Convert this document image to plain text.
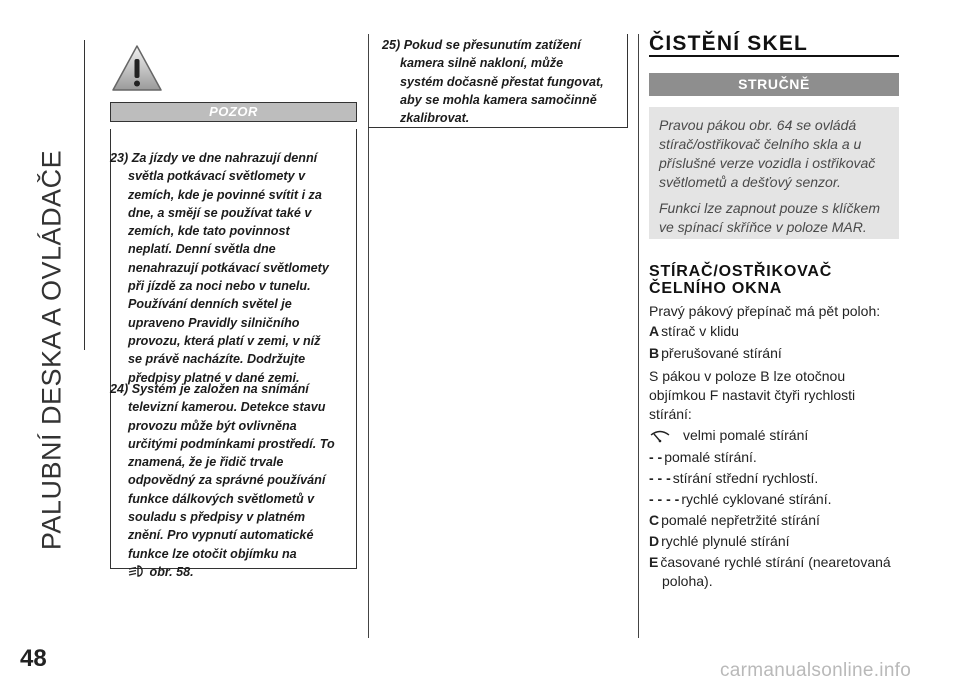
PALUBNÍ DESKA A OVLÁDAČE
POZOR
23) Za jízdy ve dne nahrazují denní
světla potkávací světlomety v
zemích, kde je povinné svítit i za
dne, a smějí se používat také v
zemích, kde tato povinnost
neplatí. Denní světla dne
nenahrazují potkávací světlomety
při jízdě za noci nebo v tunelu.
Používání denních světel je
upraveno Pravidly silničního
provozu, která platí v zemi, v níž
se právě nacházíte. Dodržujte
předpisy platné v dané zemi.
24) Systém je založen na snímání
televizní kamerou. Detekce stavu
provozu může být ovlivněna
určitými podmínkami prostředí. To
znamená, že je řidič trvale
odpovědný za správné používání
funkce dálkových světlometů v
souladu s předpisy v platném
znění. Pro vypnutí automatické
funkce lze otočit objímku na
obr. 58.
25) Pokud se přesunutím zatížení
kamera silně nakloní, může
systém dočasně přestat fungovat,
aby se mohla kamera samočinně
zkalibrovat.
ČISTĚNÍ SKEL
STRUČNĚ

Pravou pákou obr. 64 se ovládá
stírač/ostřikovač čelního skla a u
příslušné verze vozidla i ostřikovač
světlometů a dešťový senzor.

Funkci lze zapnout pouze s klíčkem
ve spínací skříňce v poloze MAR.

STÍRAČ/OSTŘIKOVAČ
ČELNÍHO OKNA

Pravý pákový přepínač má pět poloh:

A stírač v klidu
B přerušované stírání

S pákou v poloze B lze otočnou
objímkou F nastavit čtyři rychlosti
stírání:

velmi pomalé stírání
- - pomalé stírání.
- - - stírání střední rychlostí.
- - - - rychlé cyklované stírání.
C pomalé nepřetržité stírání
D rychlé plynulé stírání
E časované rychlé stírání (nearetovaná
poloha).
48	carmanualsonline.info
